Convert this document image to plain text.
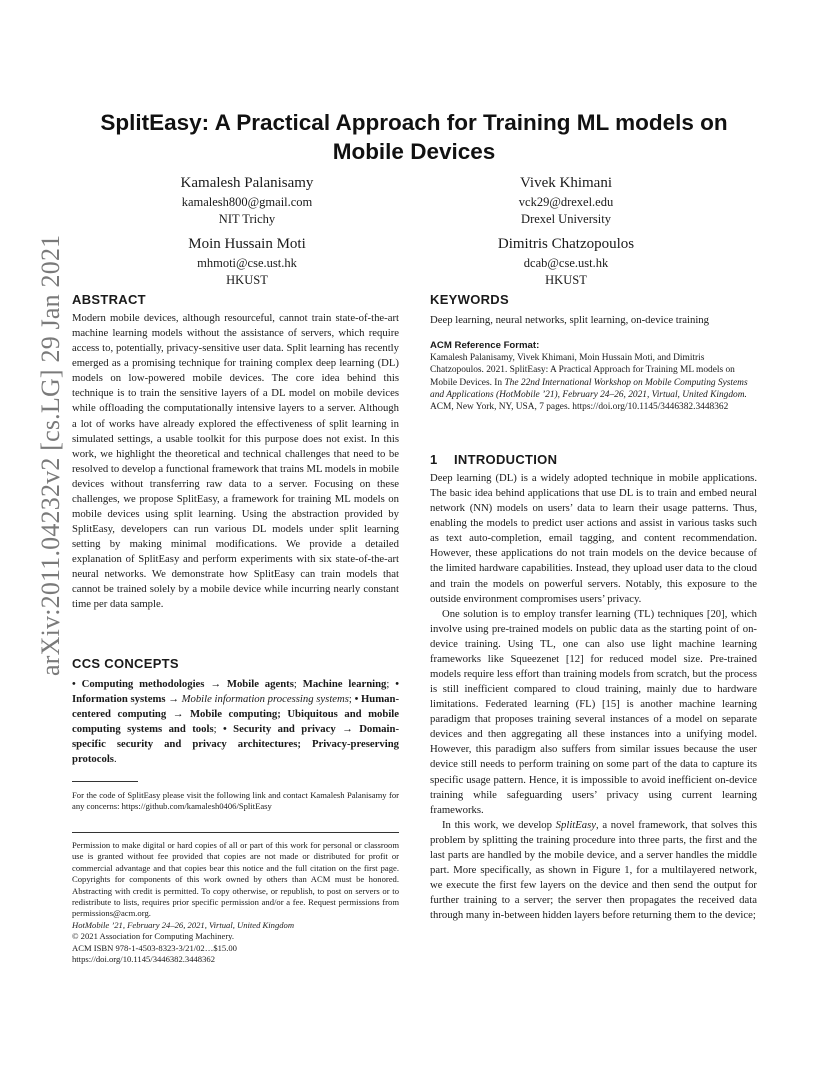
arXiv:2011.04232v2 [cs.LG] 29 Jan 2021
SplitEasy: A Practical Approach for Training ML models on Mobile Devices
Kamalesh Palanisamy
kamalesh800@gmail.com
NIT Trichy
Vivek Khimani
vck29@drexel.edu
Drexel University
Moin Hussain Moti
mhmoti@cse.ust.hk
HKUST
Dimitris Chatzopoulos
dcab@cse.ust.hk
HKUST
ABSTRACT

Modern mobile devices, although resourceful, cannot train state-of-the-art machine learning models without the assistance of servers, which require access to, potentially, privacy-sensitive user data. Split learning has recently emerged as a promising technique for training complex deep learning (DL) models on low-powered mobile devices. The core idea behind this technique is to train the sensitive layers of a DL model on mobile devices while offloading the computationally intensive layers to a server. Although a lot of works have already explored the effectiveness of split learning in simulated settings, a usable toolkit for this purpose does not exist. In this work, we highlight the theoretical and technical challenges that need to be resolved to develop a functional framework that trains ML models in mobile devices without transferring raw data to a server. Focusing on these challenges, we propose SplitEasy, a framework for training ML models on mobile devices using split learning. Using the abstraction provided by SplitEasy, developers can run various DL models under split learning setting by making minimal modifications. We provide a detailed explanation of SplitEasy and perform experiments with six state-of-the-art neural networks. We demonstrate how SplitEasy can train models that cannot be trained solely by a mobile device while incurring nearly constant time per data sample.

CCS CONCEPTS

• Computing methodologies → Mobile agents; Machine learning; • Information systems → Mobile information processing systems; • Human-centered computing → Mobile computing; Ubiquitous and mobile computing systems and tools; • Security and privacy → Domain-specific security and privacy architectures; Privacy-preserving protocols.

For the code of SplitEasy please visit the following link and contact Kamalesh Palanisamy for any concerns: https://github.com/kamalesh0406/SplitEasy

Permission to make digital or hard copies of all or part of this work for personal or classroom use is granted without fee provided that copies are not made or distributed for profit or commercial advantage and that copies bear this notice and the full citation on the first page. Copyrights for components of this work owned by others than ACM must be honored. Abstracting with credit is permitted. To copy otherwise, or republish, to post on servers or to redistribute to lists, requires prior specific permission and/or a fee. Request permissions from permissions@acm.org.

HotMobile ’21, February 24–26, 2021, Virtual, United Kingdom
© 2021 Association for Computing Machinery.
ACM ISBN 978-1-4503-8323-3/21/02…$15.00
https://doi.org/10.1145/3446382.3448362
KEYWORDS

Deep learning, neural networks, split learning, on-device training

ACM Reference Format:
Kamalesh Palanisamy, Vivek Khimani, Moin Hussain Moti, and Dimitris Chatzopoulos. 2021. SplitEasy: A Practical Approach for Training ML models on Mobile Devices. In The 22nd International Workshop on Mobile Computing Systems and Applications (HotMobile ’21), February 24–26, 2021, Virtual, United Kingdom. ACM, New York, NY, USA, 7 pages. https://doi.org/10.1145/3446382.3448362
1 INTRODUCTION

Deep learning (DL) is a widely adopted technique in mobile applications. The basic idea behind applications that use DL is to train and embed neural network (NN) models on users’ data to learn their usage patterns. Thus, enabling the models to predict user actions and assist in various tasks such as text auto-completion, email tagging, and content recommendation. However, these applications do not train models on the device because of the limited hardware capabilities. Instead, they upload user data to the cloud and train the models on powerful servers. Notably, this exposure to the outside environment compromises users’ privacy.

One solution is to employ transfer learning (TL) techniques [20], which involve using pre-trained models on public data as the starting point of on-device training. Using TL, one can also use light machine learning frameworks like Squeezenet [12] for reduced model size. Pre-trained models require less effort than training models from scratch, but the process is still inefficient compared to cloud training, mainly due to hardware limitations. Federated learning (FL) [15] is another machine learning paradigm that proposes training several instances of a model on separate devices and then aggregating all these instances into a unifying model. However, this paradigm also suffers from similar issues because the user device still needs to perform training on some part of the data to capture its specific usage pattern. Hence, it is impossible to avoid inefficient on-device training while safeguarding users’ privacy using current learning frameworks.

In this work, we develop SplitEasy, a novel framework, that solves this problem by splitting the training procedure into three parts, the first and the last parts are handled by the mobile device, and a server handles the middle part. More specifically, as shown in Figure 1, for a multilayered network, we execute the first few layers on the device and then send the output for further training to a server; the server then propagates the received data through many in-between hidden layers before returning them to the device;
